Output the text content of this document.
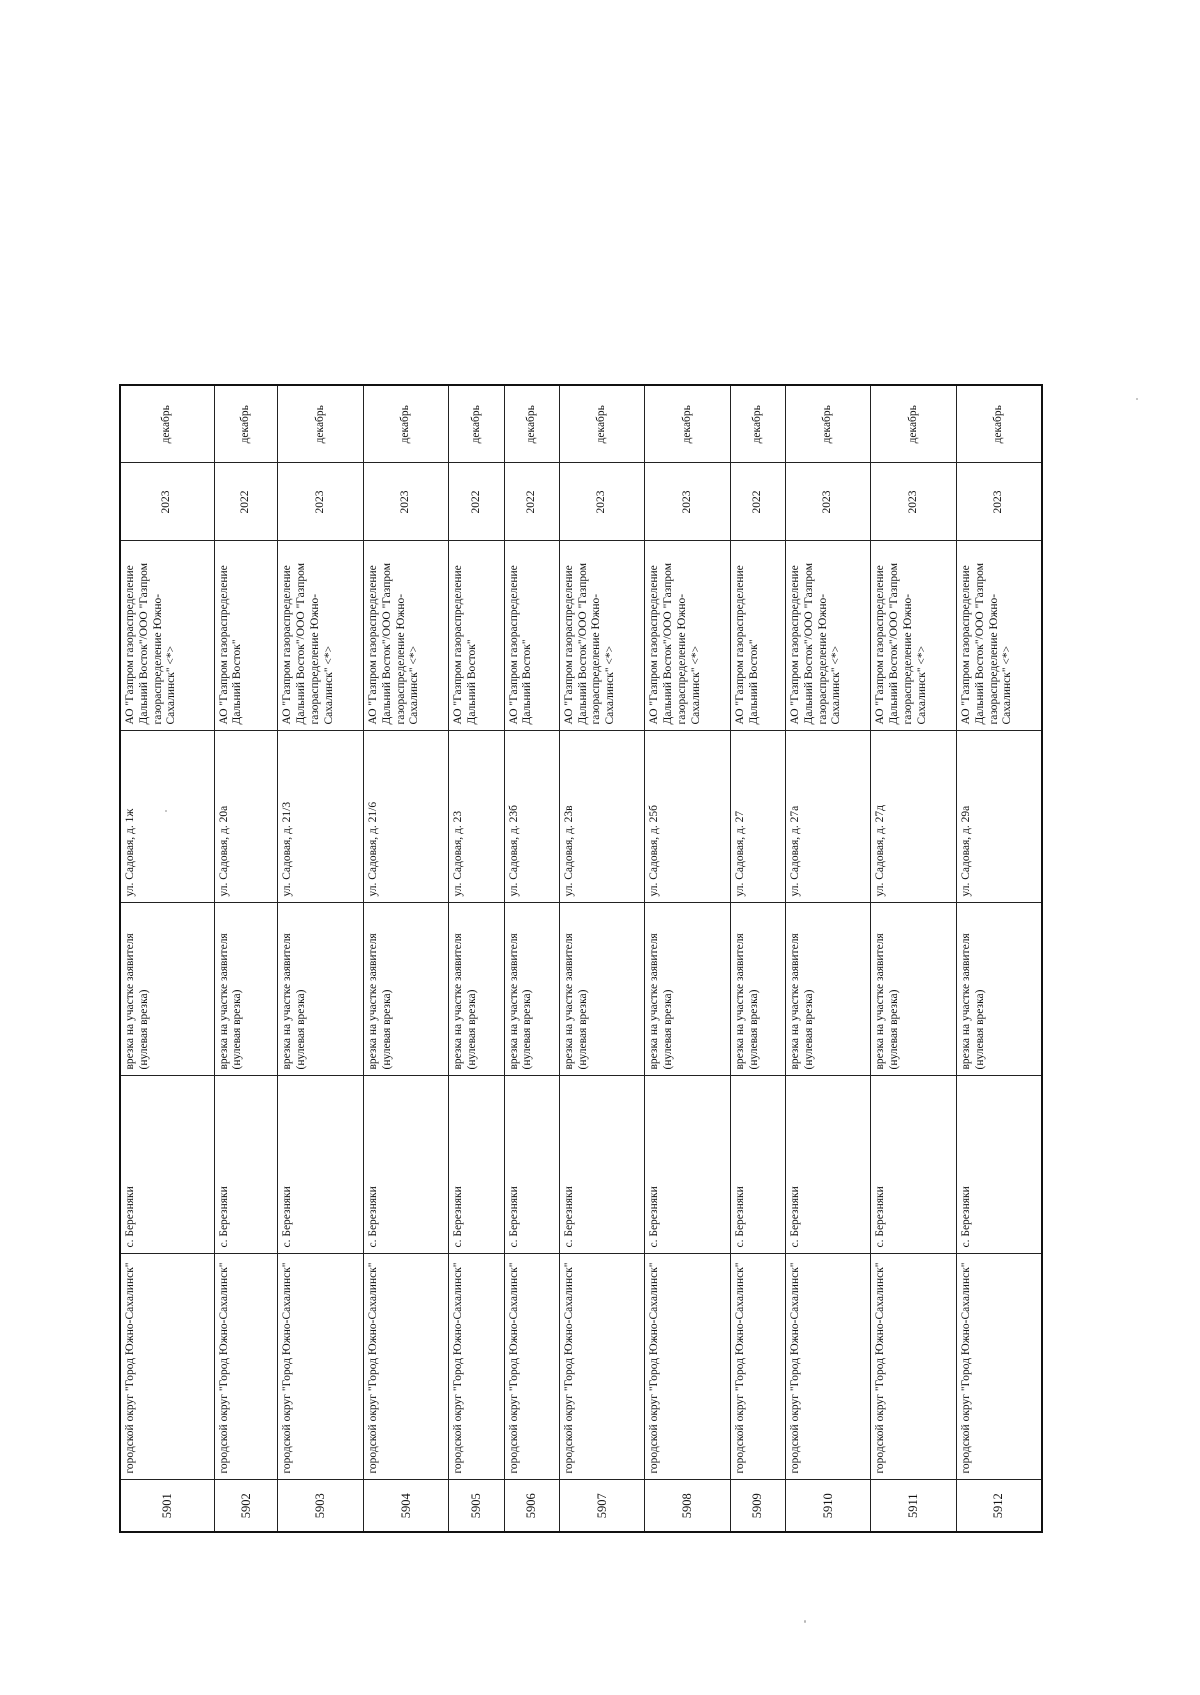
5901	городской округ "Город Южно-Сахалинск"	с. Березняки	врезка на участке заявителя (нулевая врезка)	ул. Садовая, д. 1ж	АО "Газпром газораспределение Дальний Восток"/ООО "Газпром газораспределение Южно-Сахалинск" <*>	2023	декабрь
5902	городской округ "Город Южно-Сахалинск"	с. Березняки	врезка на участке заявителя (нулевая врезка)	ул. Садовая, д. 20а	АО "Газпром газораспределение Дальний Восток"	2022	декабрь
5903	городской округ "Город Южно-Сахалинск"	с. Березняки	врезка на участке заявителя (нулевая врезка)	ул. Садовая, д. 21/3	АО "Газпром газораспределение Дальний Восток"/ООО "Газпром газораспределение Южно-Сахалинск" <*>	2023	декабрь
5904	городской округ "Город Южно-Сахалинск"	с. Березняки	врезка на участке заявителя (нулевая врезка)	ул. Садовая, д. 21/6	АО "Газпром газораспределение Дальний Восток"/ООО "Газпром газораспределение Южно-Сахалинск" <*>	2023	декабрь
5905	городской округ "Город Южно-Сахалинск"	с. Березняки	врезка на участке заявителя (нулевая врезка)	ул. Садовая, д. 23	АО "Газпром газораспределение Дальний Восток"	2022	декабрь
5906	городской округ "Город Южно-Сахалинск"	с. Березняки	врезка на участке заявителя (нулевая врезка)	ул. Садовая, д. 23б	АО "Газпром газораспределение Дальний Восток"	2022	декабрь
5907	городской округ "Город Южно-Сахалинск"	с. Березняки	врезка на участке заявителя (нулевая врезка)	ул. Садовая, д. 23в	АО "Газпром газораспределение Дальний Восток"/ООО "Газпром газораспределение Южно-Сахалинск" <*>	2023	декабрь
5908	городской округ "Город Южно-Сахалинск"	с. Березняки	врезка на участке заявителя (нулевая врезка)	ул. Садовая, д. 25б	АО "Газпром газораспределение Дальний Восток"/ООО "Газпром газораспределение Южно-Сахалинск" <*>	2023	декабрь
5909	городской округ "Город Южно-Сахалинск"	с. Березняки	врезка на участке заявителя (нулевая врезка)	ул. Садовая, д. 27	АО "Газпром газораспределение Дальний Восток"	2022	декабрь
5910	городской округ "Город Южно-Сахалинск"	с. Березняки	врезка на участке заявителя (нулевая врезка)	ул. Садовая, д. 27а	АО "Газпром газораспределение Дальний Восток"/ООО "Газпром газораспределение Южно-Сахалинск" <*>	2023	декабрь
5911	городской округ "Город Южно-Сахалинск"	с. Березняки	врезка на участке заявителя (нулевая врезка)	ул. Садовая, д. 27д	АО "Газпром газораспределение Дальний Восток"/ООО "Газпром газораспределение Южно-Сахалинск" <*>	2023	декабрь
5912	городской округ "Город Южно-Сахалинск"	с. Березняки	врезка на участке заявителя (нулевая врезка)	ул. Садовая, д. 29а	АО "Газпром газораспределение Дальний Восток"/ООО "Газпром газораспределение Южно-Сахалинск" <*>	2023	декабрь
